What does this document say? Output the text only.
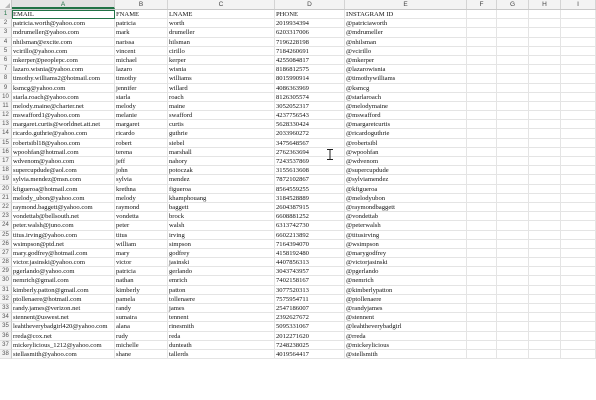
A	B	C	D	E	F	G	H	I
1 EMAIL	FNAME	LNAME	PHONE	INSTAGRAM ID
2 patricia.worth@yahoo.com	patricia	worth	2019934394	@patriciaworth
3 mdrumeller@yahoo.com	mark	drumeller	6203317006	@mdrumeller
4 nhilsman@excite.com	narissa	hilsman	7196228198	@nhilsman
5 vcirillo@yahoo.com	vincent	cirillo	7184260691	@vcirillo
6 mkerper@peoplepc.com	michael	kerper	4255084817	@mkerper
7 lazaro.wisnia@yahoo.com	lazaro	wisnia	8186812575	@lazarowisnia
8 timothy.williams2@hotmail.com	timothy	williams	8015990914	@timothywilliams
9 ksmcg@yahoo.com	jennifer	willard	4086363969	@ksmcg
10 starla.roach@yahoo.com	starla	roach	8126305574	@starlaroach
11 melody.maine@charter.net	melody	maine	3052052317	@melodymaine
12 mswafford1@yahoo.com	melanie	swafford	4237756543	@mswafford
13 margaret.curtis@worldnet.att.net	margaret	curtis	5628330424	@margaretcurtis
14 ricardo.guthrie@yahoo.com	ricardo	guthrie	2033960272	@ricardoguthrie
15 robertsibl18@yahoo.com	robert	siebel	3475648567	@robertsibl
16 wpoohfan@hotmail.com	terena	marshall	2762363694	@wpoohfan
17 wdvenom@yahoo.com	jeff	nahory	7243537869	@wdvenom
18 supercupdude@aol.com	john	potoczak	3155613608	@supercupdude
19 sylvia.mendez@msn.com	sylvia	mendez	7872102867	@sylviamendez
20 kfigueroa@hotmail.com	krethna	figueroa	8564559255	@kfigueroa
21 melody_ubon@yahoo.com	melody	khamphouang	3184528889	@melodyubon
22 raymond.baggett@yahoo.com	raymond	baggett	2604387915	@raymondbaggett
23 vondettab@bellsouth.net	vondetta	brock	6608881252	@vondettab
24 peter.walsh@juno.com	peter	walsh	6313742730	@peterwalsh
25 titus.irving@yahoo.com	titus	irving	6602213892	@titusirving
26 wsimpson@ptd.net	william	simpson	7164394070	@wsimpson
27 mary.godfrey@hotmail.com	mary	godfrey	4158192480	@marygodfrey
28 victor.jasinski@yahoo.com	victor	jasinski	4407856313	@victorjasinski
29 pgerlando@yahoo.com	patricia	gerlando	3043743957	@pgerlando
30 nemrich@gmail.com	nathan	emrich	7402158167	@nemrich
31 kimberly.patton@gmail.com	kimberly	patton	3077520313	@kimberlypatton
32 ptollenaere@hotmail.com	pamela	tollenaere	7575954711	@ptollenaere
33 randy.james@verizon.net	randy	james	2547186007	@randyjames
34 stennent@uswest.net	sumaira	tennent	2392627672	@stennent
35 leahtheverybadgirl420@yahoo.com	alana	rinesmith	5095331067	@leahtheverybadgirl
36 rreda@cox.net	rudy	reda	2012271620	@rreda
37 mickeylicious_1212@yahoo.com	michelle	dunteath	7248238025	@mickeylicious
38 stellasmith@yahoo.com	shane	tallerds	4019564417	@stellsmith
